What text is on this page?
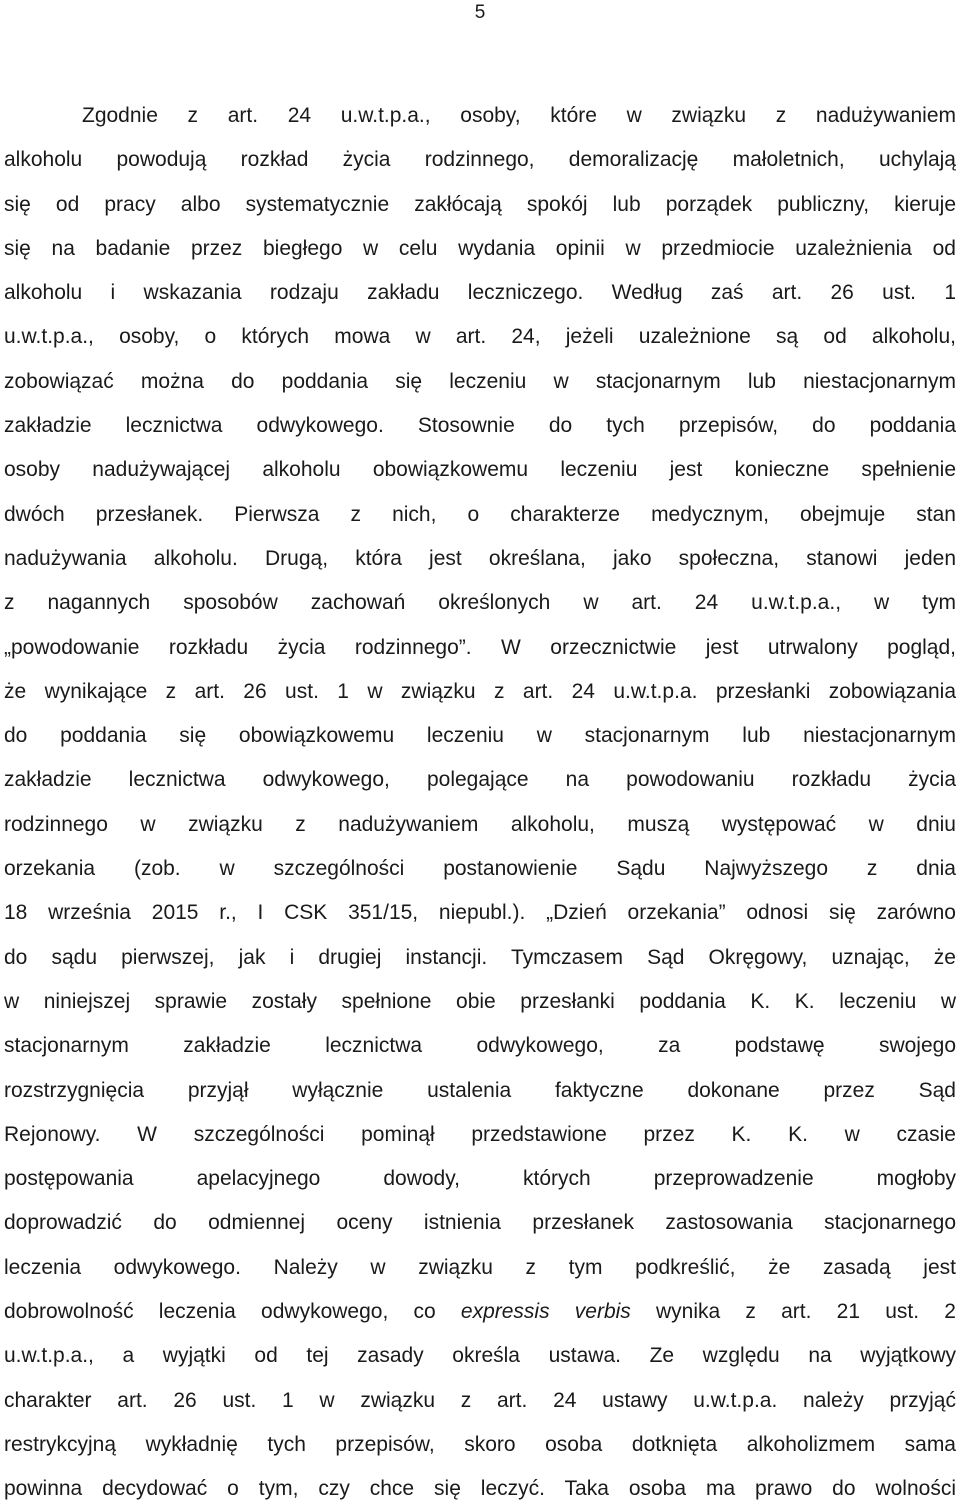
5
Zgodnie z art. 24 u.w.t.p.a., osoby, które w związku z nadużywaniem
alkoholu powodują rozkład życia rodzinnego, demoralizację małoletnich, uchylają
się od pracy albo systematycznie zakłócają spokój lub porządek publiczny, kieruje
się na badanie przez biegłego w celu wydania opinii w przedmiocie uzależnienia od
alkoholu i wskazania rodzaju zakładu leczniczego. Według zaś art. 26 ust. 1
u.w.t.p.a., osoby, o których mowa w art. 24, jeżeli uzależnione są od alkoholu,
zobowiązać można do poddania się leczeniu w stacjonarnym lub niestacjonarnym
zakładzie lecznictwa odwykowego. Stosownie do tych przepisów, do poddania
osoby nadużywającej alkoholu obowiązkowemu leczeniu jest konieczne spełnienie
dwóch przesłanek. Pierwsza z nich, o charakterze medycznym, obejmuje stan
nadużywania alkoholu. Drugą, która jest określana, jako społeczna, stanowi jeden
z nagannych sposobów zachowań określonych w art. 24 u.w.t.p.a., w tym
„powodowanie rozkładu życia rodzinnego”. W orzecznictwie jest utrwalony pogląd,
że wynikające z art. 26 ust. 1 w związku z art. 24 u.w.t.p.a. przesłanki zobowiązania
do poddania się obowiązkowemu leczeniu w stacjonarnym lub niestacjonarnym
zakładzie lecznictwa odwykowego, polegające na powodowaniu rozkładu życia
rodzinnego w związku z nadużywaniem alkoholu, muszą występować w dniu
orzekania (zob. w szczególności postanowienie Sądu Najwyższego z dnia
18 września 2015 r., I CSK 351/15, niepubl.). „Dzień orzekania” odnosi się zarówno
do sądu pierwszej, jak i drugiej instancji. Tymczasem Sąd Okręgowy, uznając, że
w niniejszej sprawie zostały spełnione obie przesłanki poddania K. K. leczeniu w
stacjonarnym zakładzie lecznictwa odwykowego, za podstawę swojego
rozstrzygnięcia przyjął wyłącznie ustalenia faktyczne dokonane przez Sąd
Rejonowy. W szczególności pominął przedstawione przez K. K. w czasie
postępowania apelacyjnego dowody, których przeprowadzenie mogłoby
doprowadzić do odmiennej oceny istnienia przesłanek zastosowania stacjonarnego
leczenia odwykowego. Należy w związku z tym podkreślić, że zasadą jest
dobrowolność leczenia odwykowego, co expressis verbis wynika z art. 21 ust. 2
u.w.t.p.a., a wyjątki od tej zasady określa ustawa. Ze względu na wyjątkowy
charakter art. 26 ust. 1 w związku z art. 24 ustawy u.w.t.p.a. należy przyjąć
restrykcyjną wykładnię tych przepisów, skoro osoba dotknięta alkoholizmem sama
powinna decydować o tym, czy chce się leczyć. Taka osoba ma prawo do wolności
